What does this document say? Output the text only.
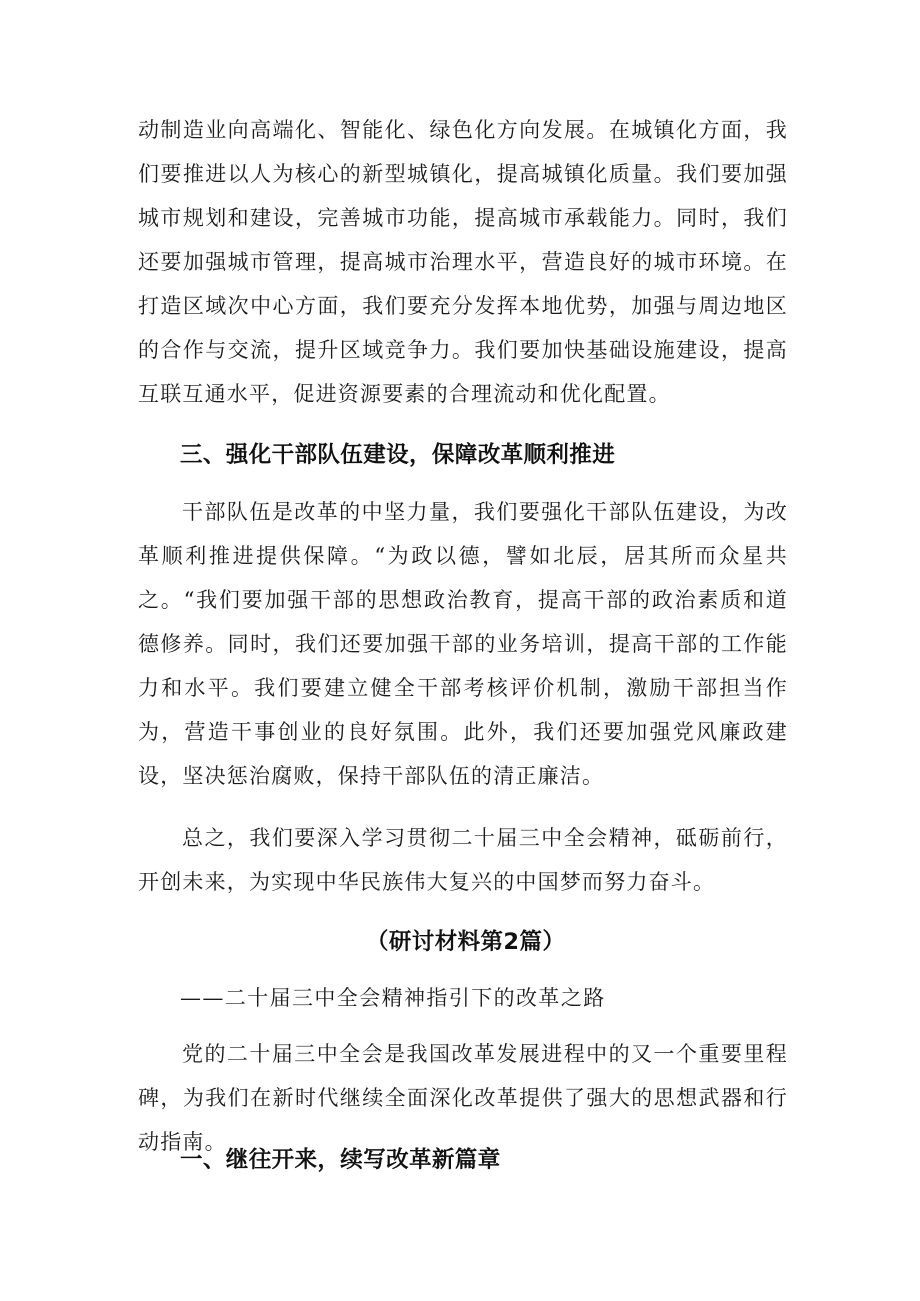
动制造业向高端化、智能化、绿色化方向发展。在城镇化方面，我们要推进以人为核心的新型城镇化，提高城镇化质量。我们要加强城市规划和建设，完善城市功能，提高城市承载能力。同时，我们还要加强城市管理，提高城市治理水平，营造良好的城市环境。在打造区域次中心方面，我们要充分发挥本地优势，加强与周边地区的合作与交流，提升区域竞争力。我们要加快基础设施建设，提高互联互通水平，促进资源要素的合理流动和优化配置。

三、强化干部队伍建设，保障改革顺利推进

干部队伍是改革的中坚力量，我们要强化干部队伍建设，为改革顺利推进提供保障。“为政以德，譬如北辰，居其所而众星共之。“我们要加强干部的思想政治教育，提高干部的政治素质和道德修养。同时，我们还要加强干部的业务培训，提高干部的工作能力和水平。我们要建立健全干部考核评价机制，激励干部担当作为，营造干事创业的良好氛围。此外，我们还要加强党风廉政建设，坚决惩治腐败，保持干部队伍的清正廉洁。

总之，我们要深入学习贯彻二十届三中全会精神，砥砺前行，开创未来，为实现中华民族伟大复兴的中国梦而努力奋斗。

（研讨材料第2篇）

——二十届三中全会精神指引下的改革之路

党的二十届三中全会是我国改革发展进程中的又一个重要里程碑，为我们在新时代继续全面深化改革提供了强大的思想武器和行动指南。

一、继往开来，续写改革新篇章
